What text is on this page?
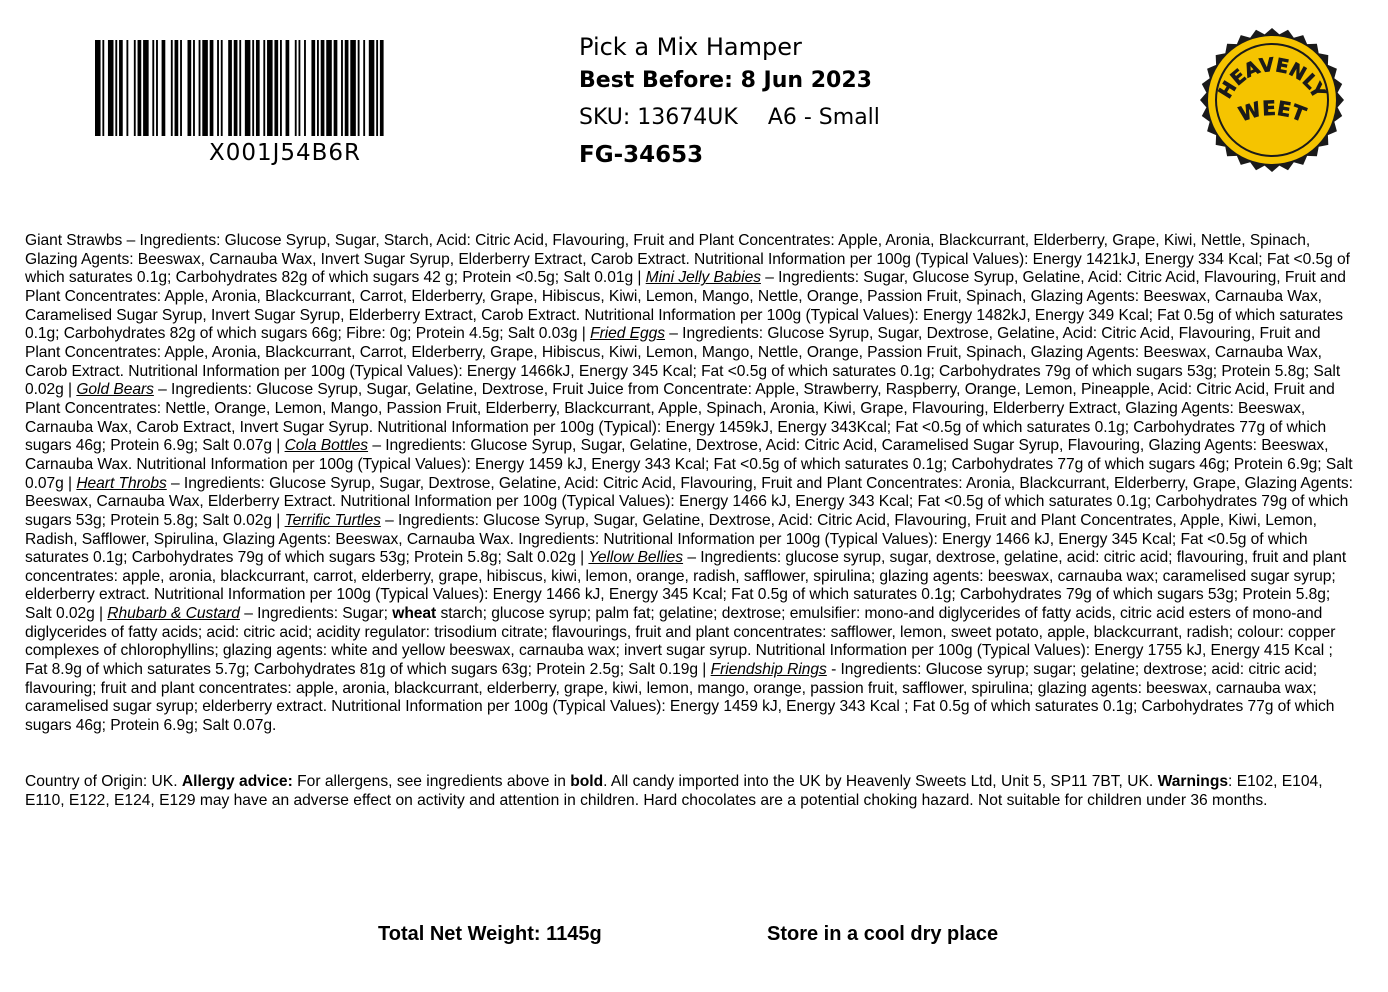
X001J54B6R
Pick a Mix Hamper
Best Before: 8 Jun 2023
SKU: 13674UK A6 - Small
FG-34653
HEAVENLY
WEET
Giant Strawbs – Ingredients: Glucose Syrup, Sugar, Starch, Acid: Citric Acid, Flavouring, Fruit and Plant Concentrates: Apple, Aronia, Blackcurrant, Elderberry, Grape, Kiwi, Nettle, Spinach, Glazing Agents: Beeswax, Carnauba Wax, Invert Sugar Syrup, Elderberry Extract, Carob Extract. Nutritional Information per 100g (Typical Values): Energy 1421kJ, Energy 334 Kcal; Fat <0.5g of which saturates 0.1g; Carbohydrates 82g of which sugars 42 g; Protein <0.5g; Salt 0.01g | Mini Jelly Babies – Ingredients: Sugar, Glucose Syrup, Gelatine, Acid: Citric Acid, Flavouring, Fruit and Plant Concentrates: Apple, Aronia, Blackcurrant, Carrot, Elderberry, Grape, Hibiscus, Kiwi, Lemon, Mango, Nettle, Orange, Passion Fruit, Spinach, Glazing Agents: Beeswax, Carnauba Wax, Caramelised Sugar Syrup, Invert Sugar Syrup, Elderberry Extract, Carob Extract. Nutritional Information per 100g (Typical Values): Energy 1482kJ, Energy 349 Kcal; Fat 0.5g of which saturates 0.1g; Carbohydrates 82g of which sugars 66g; Fibre: 0g; Protein 4.5g; Salt 0.03g | Fried Eggs – Ingredients: Glucose Syrup, Sugar, Dextrose, Gelatine, Acid: Citric Acid, Flavouring, Fruit and Plant Concentrates: Apple, Aronia, Blackcurrant, Carrot, Elderberry, Grape, Hibiscus, Kiwi, Lemon, Mango, Nettle, Orange, Passion Fruit, Spinach, Glazing Agents: Beeswax, Carnauba Wax, Carob Extract. Nutritional Information per 100g (Typical Values): Energy 1466kJ, Energy 345 Kcal; Fat <0.5g of which saturates 0.1g; Carbohydrates 79g of which sugars 53g; Protein 5.8g; Salt 0.02g | Gold Bears – Ingredients: Glucose Syrup, Sugar, Gelatine, Dextrose, Fruit Juice from Concentrate: Apple, Strawberry, Raspberry, Orange, Lemon, Pineapple, Acid: Citric Acid, Fruit and Plant Concentrates: Nettle, Orange, Lemon, Mango, Passion Fruit, Elderberry, Blackcurrant, Apple, Spinach, Aronia, Kiwi, Grape, Flavouring, Elderberry Extract, Glazing Agents: Beeswax, Carnauba Wax, Carob Extract, Invert Sugar Syrup. Nutritional Information per 100g (Typical): Energy 1459kJ, Energy 343Kcal; Fat <0.5g of which saturates 0.1g; Carbohydrates 77g of which sugars 46g; Protein 6.9g; Salt 0.07g | Cola Bottles – Ingredients: Glucose Syrup, Sugar, Gelatine, Dextrose, Acid: Citric Acid, Caramelised Sugar Syrup, Flavouring, Glazing Agents: Beeswax, Carnauba Wax. Nutritional Information per 100g (Typical Values): Energy 1459 kJ, Energy 343 Kcal; Fat <0.5g of which saturates 0.1g; Carbohydrates 77g of which sugars 46g; Protein 6.9g; Salt 0.07g | Heart Throbs – Ingredients: Glucose Syrup, Sugar, Dextrose, Gelatine, Acid: Citric Acid, Flavouring, Fruit and Plant Concentrates: Aronia, Blackcurrant, Elderberry, Grape, Glazing Agents: Beeswax, Carnauba Wax, Elderberry Extract. Nutritional Information per 100g (Typical Values): Energy 1466 kJ, Energy 343 Kcal; Fat <0.5g of which saturates 0.1g; Carbohydrates 79g of which sugars 53g; Protein 5.8g; Salt 0.02g | Terrific Turtles – Ingredients: Glucose Syrup, Sugar, Gelatine, Dextrose, Acid: Citric Acid, Flavouring, Fruit and Plant Concentrates, Apple, Kiwi, Lemon, Radish, Safflower, Spirulina, Glazing Agents: Beeswax, Carnauba Wax. Ingredients: Nutritional Information per 100g (Typical Values): Energy 1466 kJ, Energy 345 Kcal; Fat <0.5g of which saturates 0.1g; Carbohydrates 79g of which sugars 53g; Protein 5.8g; Salt 0.02g | Yellow Bellies – Ingredients: glucose syrup, sugar, dextrose, gelatine, acid: citric acid; flavouring, fruit and plant concentrates: apple, aronia, blackcurrant, carrot, elderberry, grape, hibiscus, kiwi, lemon, orange, radish, safflower, spirulina; glazing agents: beeswax, carnauba wax; caramelised sugar syrup; elderberry extract. Nutritional Information per 100g (Typical Values): Energy 1466 kJ, Energy 345 Kcal; Fat 0.5g of which saturates 0.1g; Carbohydrates 79g of which sugars 53g; Protein 5.8g; Salt 0.02g | Rhubarb & Custard – Ingredients: Sugar; wheat starch; glucose syrup; palm fat; gelatine; dextrose; emulsifier: mono-and diglycerides of fatty acids, citric acid esters of mono-and diglycerides of fatty acids; acid: citric acid; acidity regulator: trisodium citrate; flavourings, fruit and plant concentrates: safflower, lemon, sweet potato, apple, blackcurrant, radish; colour: copper complexes of chlorophyllins; glazing agents: white and yellow beeswax, carnauba wax; invert sugar syrup. Nutritional Information per 100g (Typical Values): Energy 1755 kJ, Energy 415 Kcal ; Fat 8.9g of which saturates 5.7g; Carbohydrates 81g of which sugars 63g; Protein 2.5g; Salt 0.19g | Friendship Rings - Ingredients: Glucose syrup; sugar; gelatine; dextrose; acid: citric acid; flavouring; fruit and plant concentrates: apple, aronia, blackcurrant, elderberry, grape, kiwi, lemon, mango, orange, passion fruit, safflower, spirulina; glazing agents: beeswax, carnauba wax; caramelised sugar syrup; elderberry extract. Nutritional Information per 100g (Typical Values): Energy 1459 kJ, Energy 343 Kcal ; Fat 0.5g of which saturates 0.1g; Carbohydrates 77g of which sugars 46g; Protein 6.9g; Salt 0.07g.
Country of Origin: UK. Allergy advice: For allergens, see ingredients above in bold. All candy imported into the UK by Heavenly Sweets Ltd, Unit 5, SP11 7BT, UK. Warnings: E102, E104, E110, E122, E124, E129 may have an adverse effect on activity and attention in children. Hard chocolates are a potential choking hazard. Not suitable for children under 36 months.
Total Net Weight: 1145g	Store in a cool dry place
